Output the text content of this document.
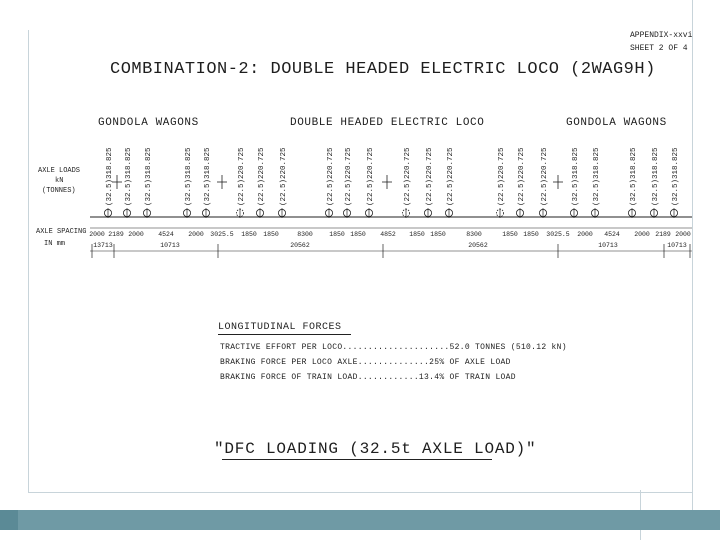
APPENDIX-xxvi
SHEET 2 OF 4
COMBINATION-2: DOUBLE HEADED ELECTRIC LOCO (2WAG9H)
GONDOLA WAGONS	DOUBLE HEADED ELECTRIC LOCO	GONDOLA WAGONS
AXLE LOADS
kN
(TONNES)
AXLE SPACING
IN mm
(32.5)318.825 (32.5)318.825 (32.5)318.825	(32.5)318.825 (32.5)318.825	(22.5)220.725 (22.5)220.725 (22.5)220.725	(22.5)220.725 (22.5)220.725 (22.5)220.725	(22.5)220.725 (22.5)220.725 (22.5)220.725	(22.5)220.725 (22.5)220.725 (22.5)220.725	(32.5)318.825 (32.5)318.825	(32.5)318.825 (32.5)318.825 (32.5)318.825
2000 2189 2000 4524 2000 3025.5 1850 1850	8300	1850 1850 4852 1850 1850	8300	1850 1850 3025.5 2000 4524 2000 2189 2000
13713	10713	20562	20562	10713	10713
LONGITUDINAL FORCES
TRACTIVE EFFORT PER LOCO.....................52.0 TONNES (510.12 kN)
BRAKING FORCE PER LOCO AXLE..............25% OF AXLE LOAD
BRAKING FORCE OF TRAIN LOAD............13.4% OF TRAIN LOAD
"DFC LOADING (32.5t AXLE LOAD)"
